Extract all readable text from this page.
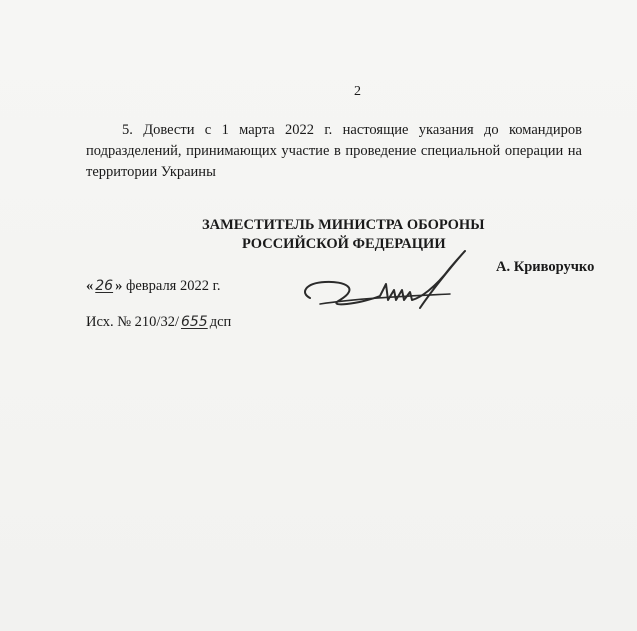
2

5. Довести с 1 марта 2022 г. настоящие указания до командиров
подразделений, принимающих участие в проведение специальной операции на
территории Украины

ЗАМЕСТИТЕЛЬ МИНИСТРА ОБОРОНЫ
РОССИЙСКОЙ ФЕДЕРАЦИИ
А. Криворучко
« 26 » февраля 2022 г.
Исх. № 210/32/ 655 дсп
